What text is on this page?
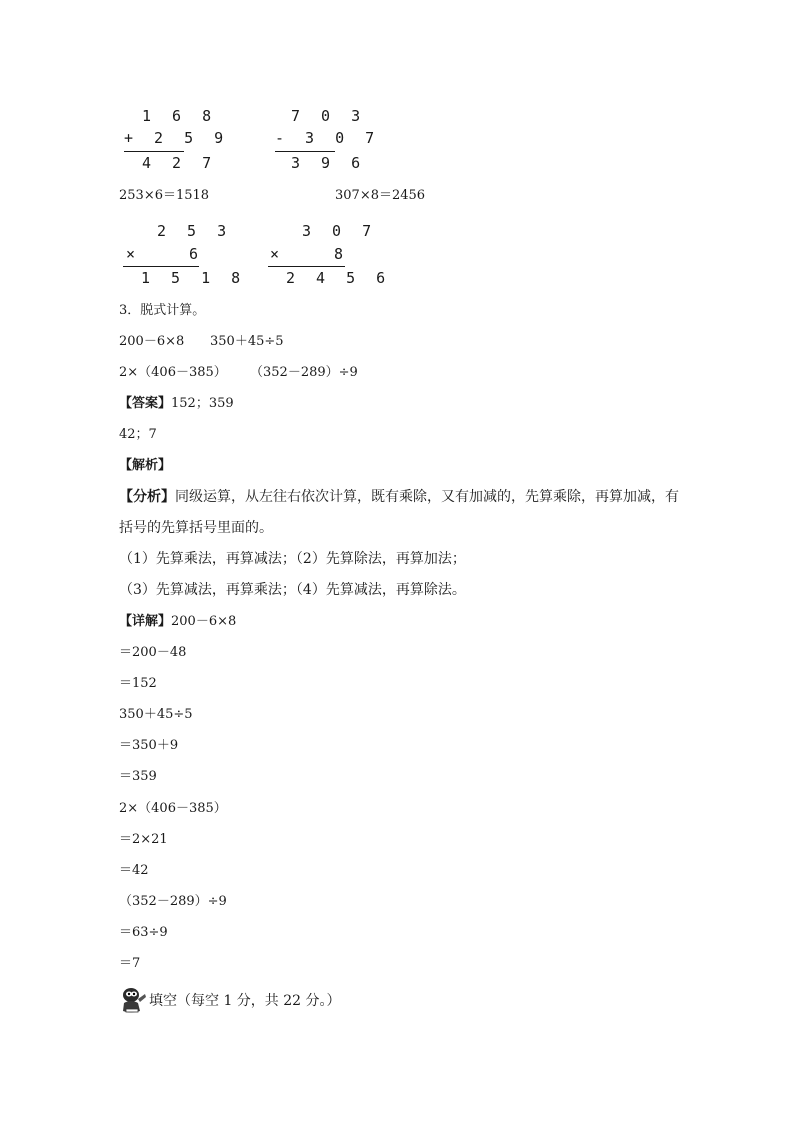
1 6 8
+ 2 5 9
4 2 7
7 0 3
- 3 0 7
3 9 6
253×6＝1518	307×8＝2456
2 5 3
×	6
1 5 1 8
3 0 7
×	8
2 4 5 6
3．脱式计算。
200－6×8 350＋45÷5
2×（406－385） （352－289）÷9
【答案】152；359
42；7
【解析】
【分析】同级运算，从左往右依次计算，既有乘除，又有加减的，先算乘除，再算加减，有
括号的先算括号里面的。
（1）先算乘法，再算减法；（2）先算除法，再算加法；
（3）先算减法，再算乘法；（4）先算减法，再算除法。
【详解】200－6×8
＝200－48
＝152
350＋45÷5
＝350＋9
＝359
2×（406－385）
＝2×21
＝42
（352－289）÷9
＝63÷9
＝7
填空（每空 1 分，共 22 分。）
